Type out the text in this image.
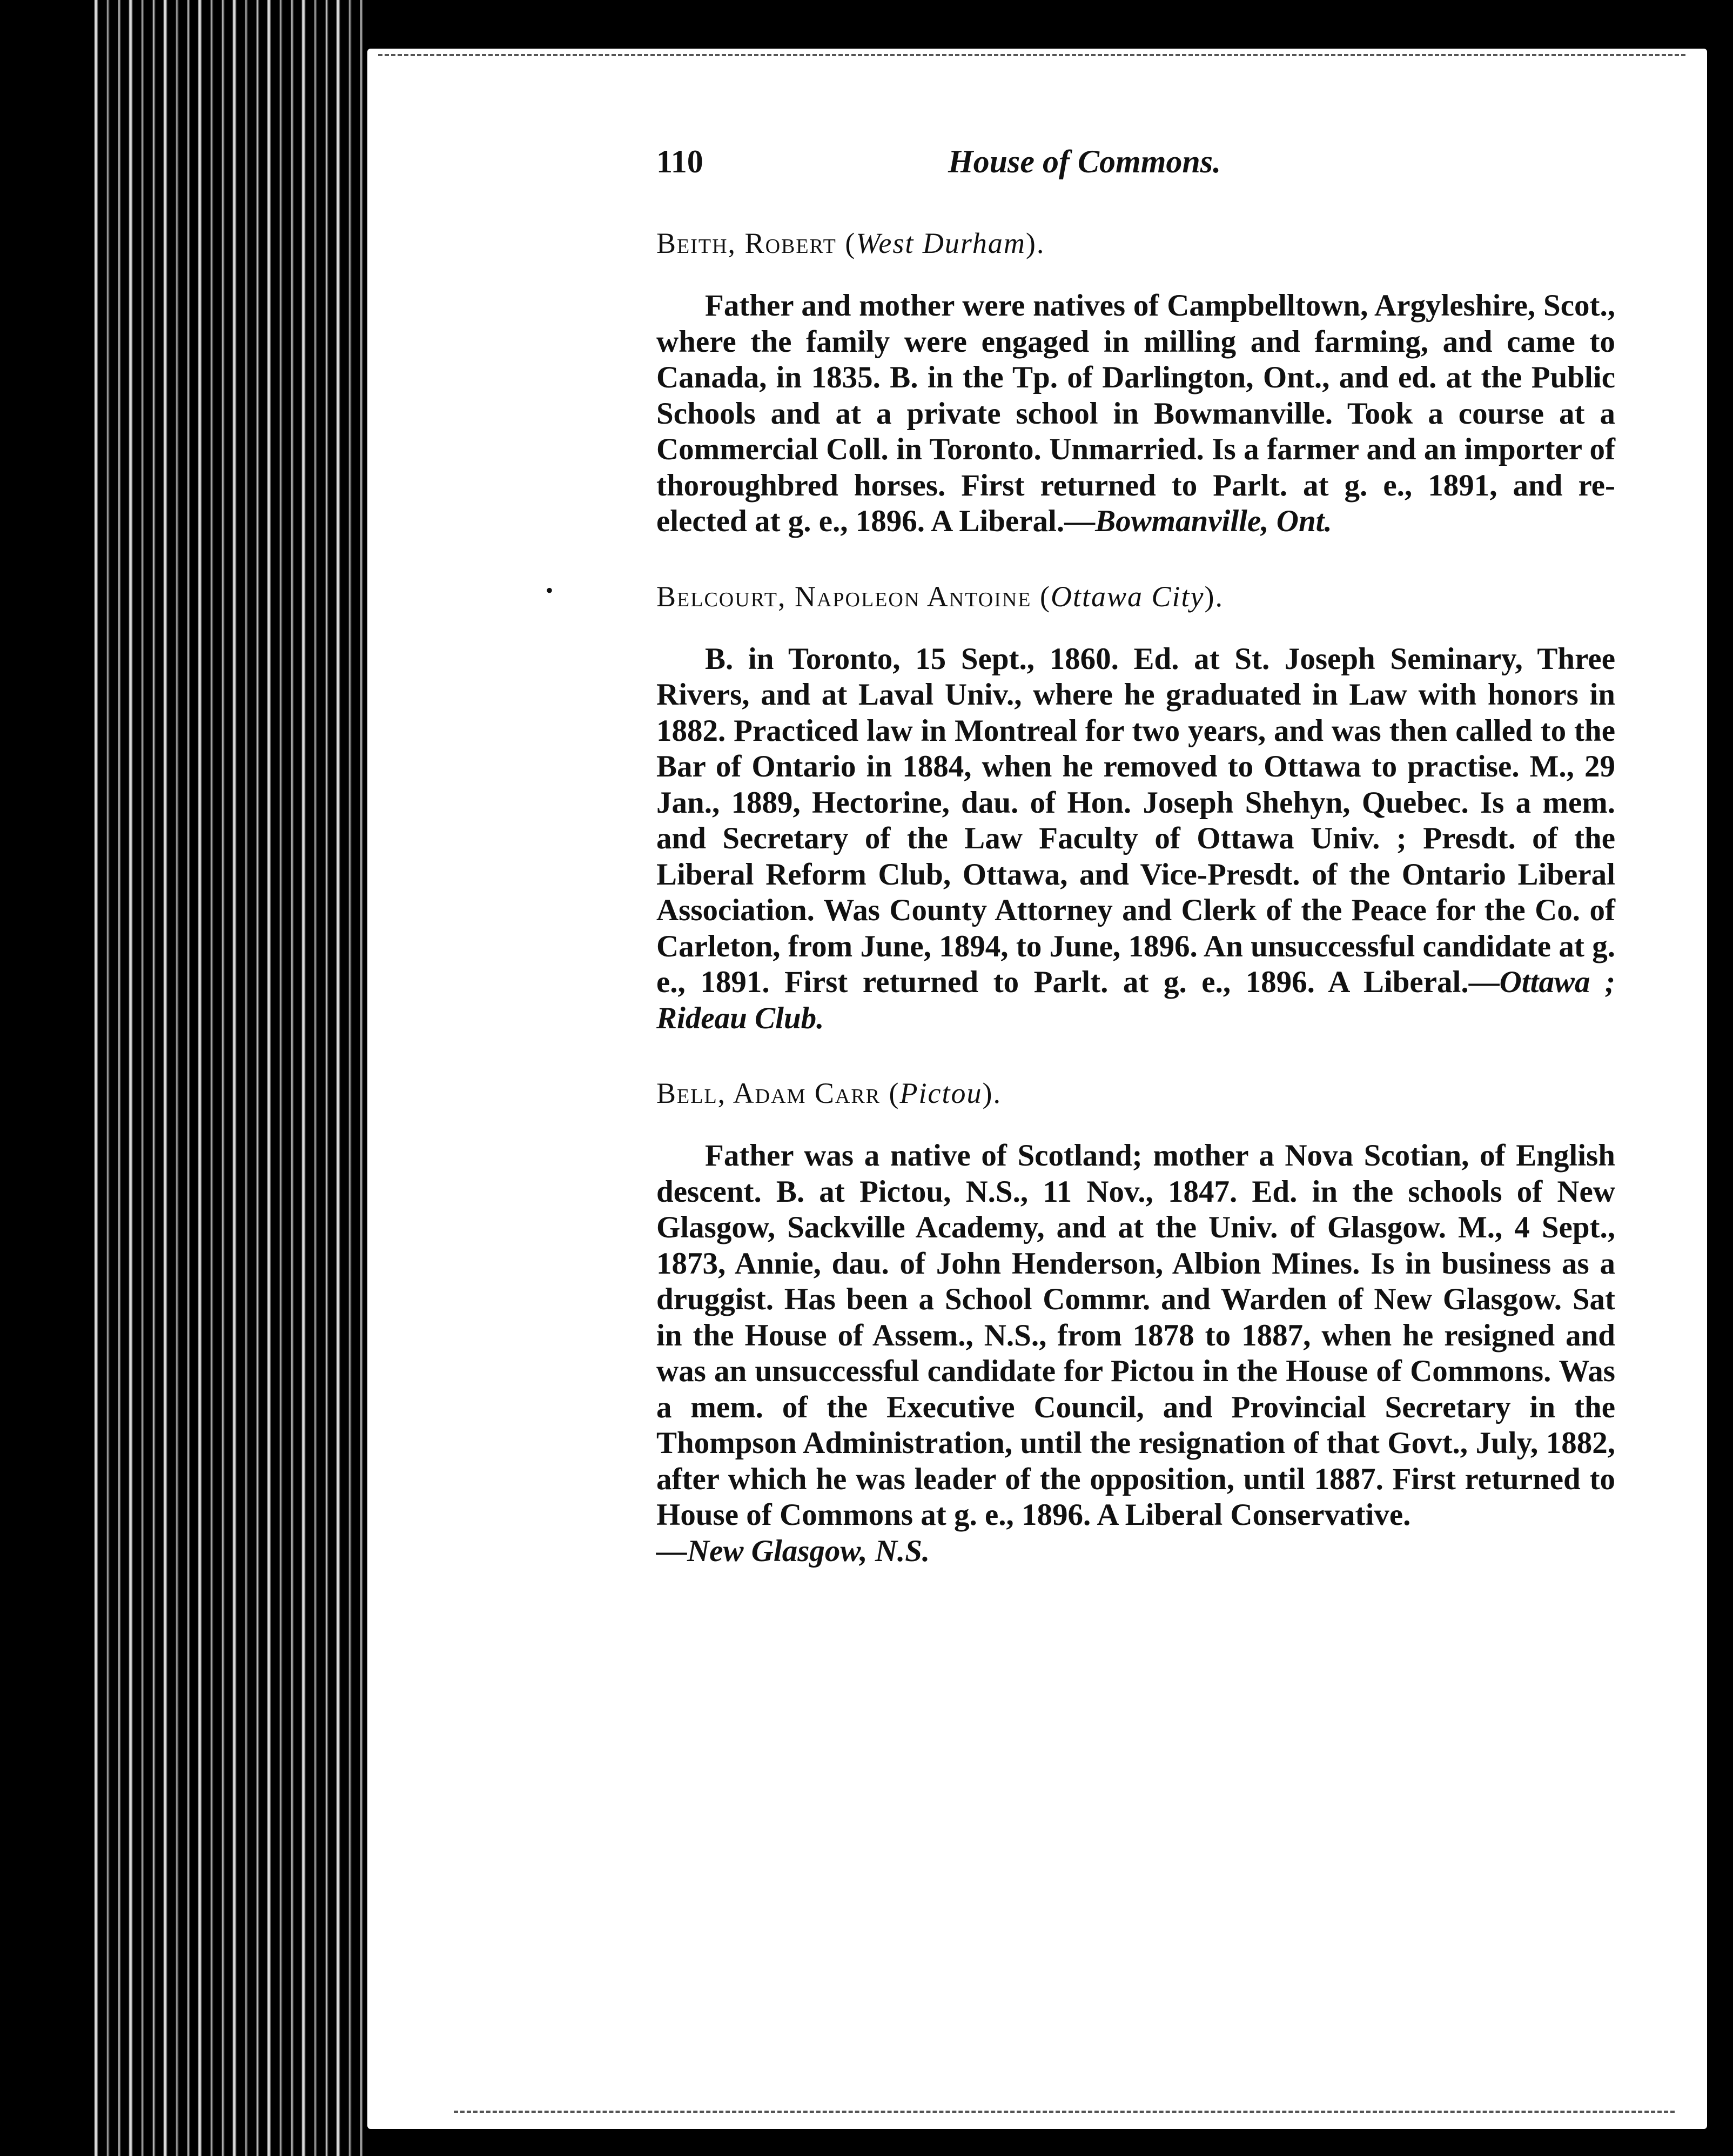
110	House of Commons.
Beith, Robert (West Durham).
Father and mother were natives of Campbelltown, Argyleshire, Scot., where the family were engaged in milling and farming, and came to Canada, in 1835. B. in the Tp. of Darlington, Ont., and ed. at the Public Schools and at a private school in Bowmanville. Took a course at a Commercial Coll. in Toronto. Unmarried. Is a farmer and an importer of thoroughbred horses. First returned to Parlt. at g. e., 1891, and re-elected at g. e., 1896. A Liberal.—Bowmanville, Ont.
•	Belcourt, Napoleon Antoine (Ottawa City).
B. in Toronto, 15 Sept., 1860. Ed. at St. Joseph Seminary, Three Rivers, and at Laval Univ., where he graduated in Law with honors in 1882. Practiced law in Montreal for two years, and was then called to the Bar of Ontario in 1884, when he removed to Ottawa to practise. M., 29 Jan., 1889, Hectorine, dau. of Hon. Joseph Shehyn, Quebec. Is a mem. and Secretary of the Law Faculty of Ottawa Univ. ; Presdt. of the Liberal Reform Club, Ottawa, and Vice-Presdt. of the Ontario Liberal Association. Was County Attorney and Clerk of the Peace for the Co. of Carleton, from June, 1894, to June, 1896. An unsuccessful candidate at g. e., 1891. First returned to Parlt. at g. e., 1896. A Liberal.—Ottawa ; Rideau Club.
Bell, Adam Carr (Pictou).
Father was a native of Scotland; mother a Nova Scotian, of English descent. B. at Pictou, N.S., 11 Nov., 1847. Ed. in the schools of New Glasgow, Sackville Academy, and at the Univ. of Glasgow. M., 4 Sept., 1873, Annie, dau. of John Henderson, Albion Mines. Is in business as a druggist. Has been a School Commr. and Warden of New Glasgow. Sat in the House of Assem., N.S., from 1878 to 1887, when he resigned and was an unsuccessful candidate for Pictou in the House of Commons. Was a mem. of the Executive Council, and Provincial Secretary in the Thompson Administration, until the resignation of that Govt., July, 1882, after which he was leader of the opposition, until 1887. First returned to House of Commons at g. e., 1896. A Liberal Conservative.
—New Glasgow, N.S.
